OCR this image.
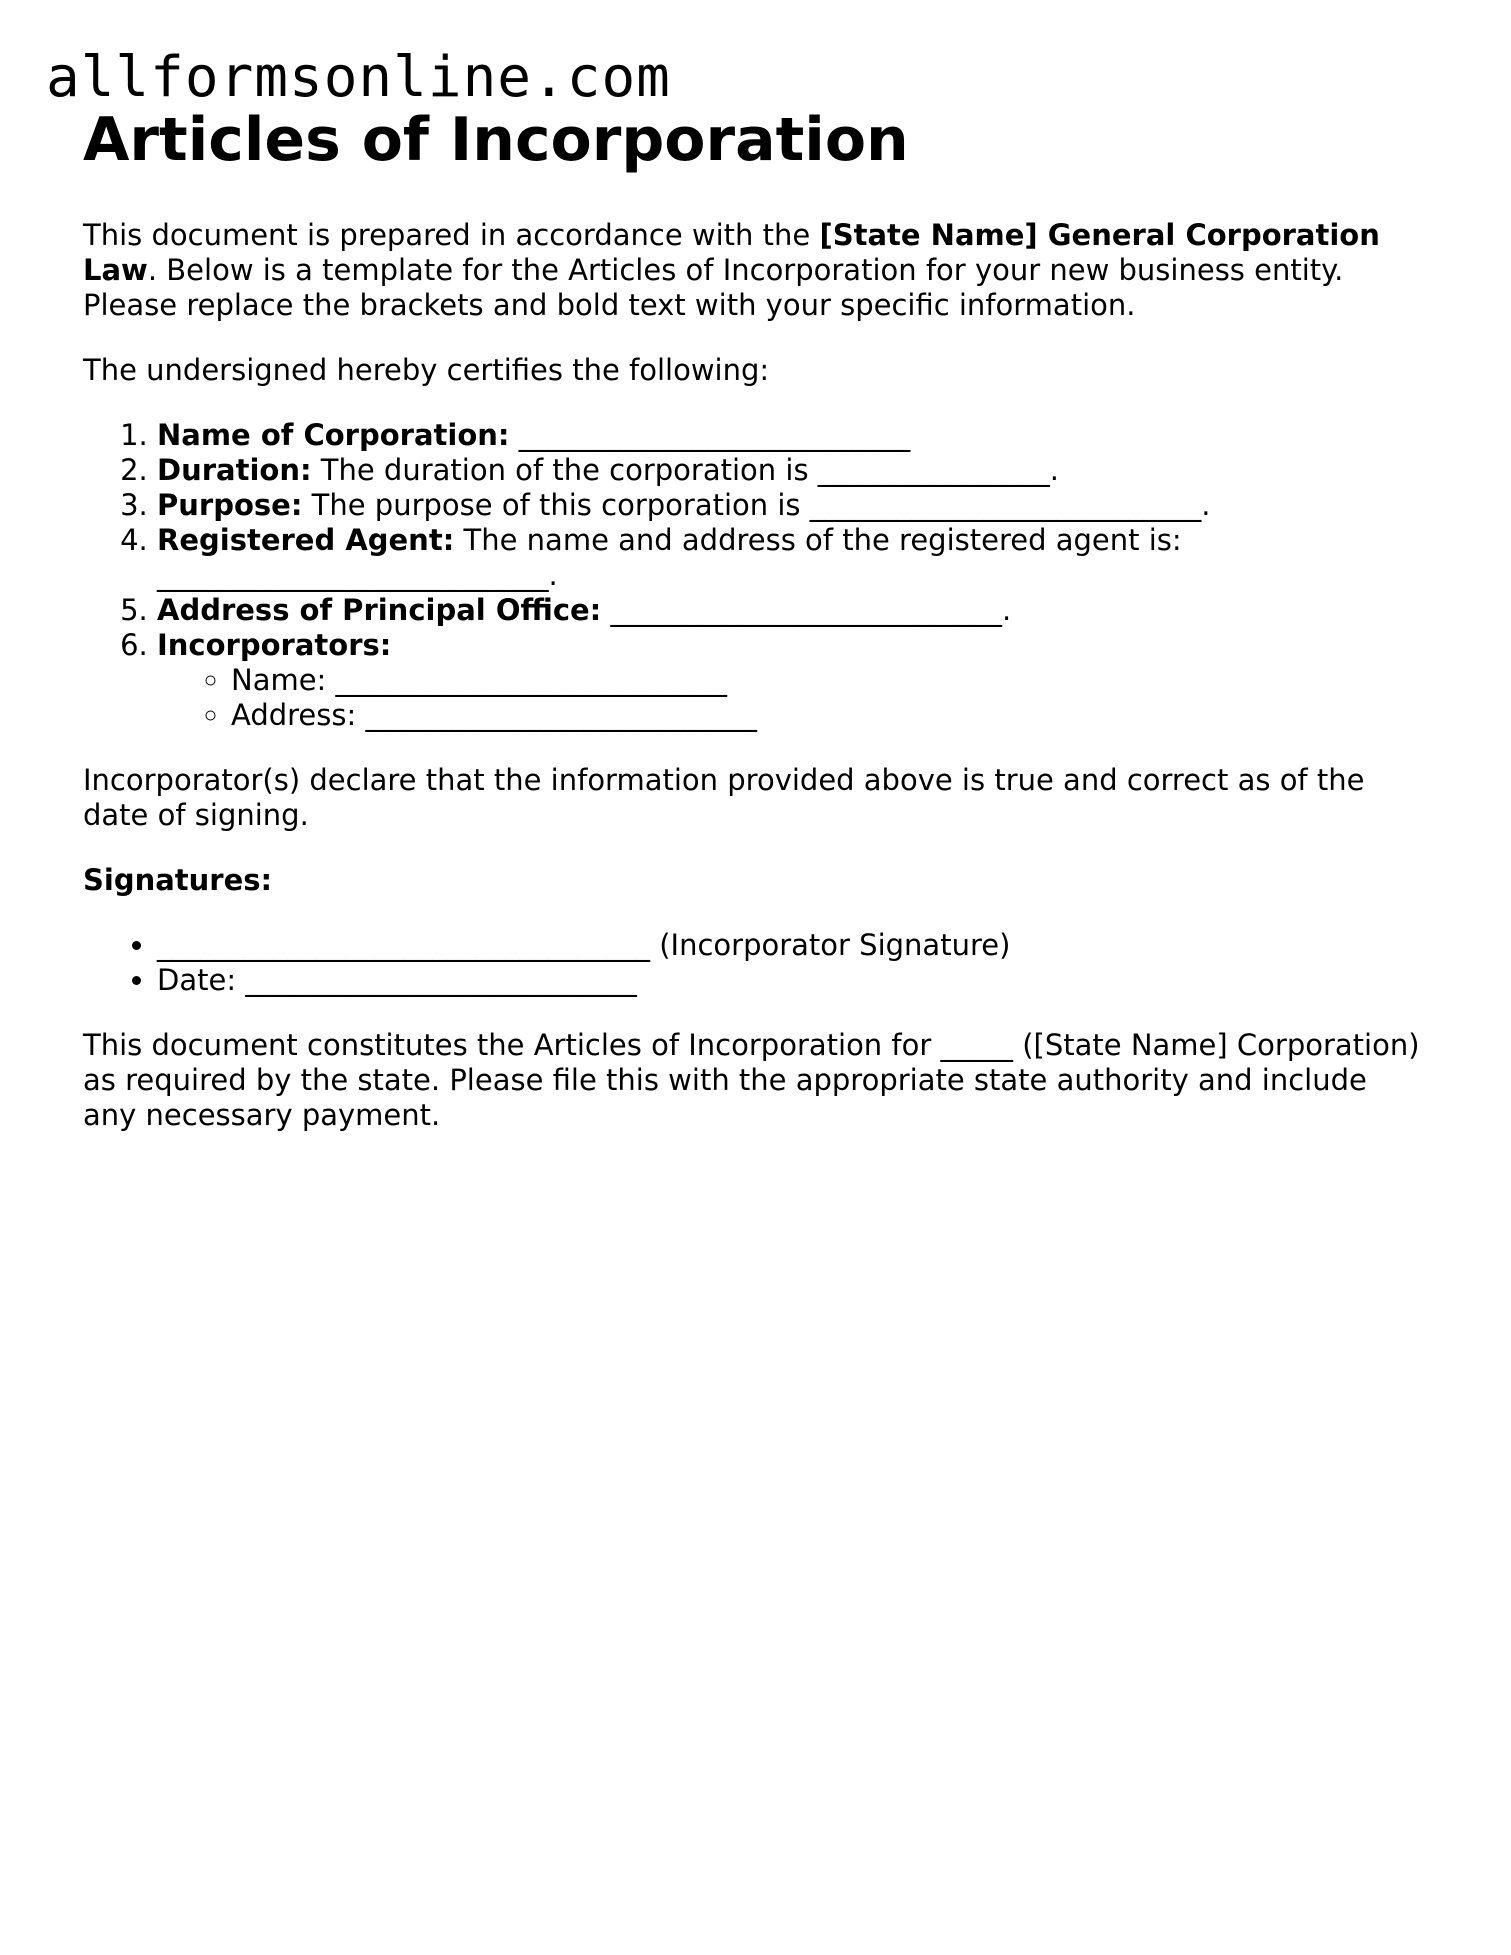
allformsonline.com
Articles of Incorporation

This document is prepared in accordance with the [State Name] General Corporation Law. Below is a template for the Articles of Incorporation for your new business entity. Please replace the brackets and bold text with your specific information.

The undersigned hereby certifies the following:

1. Name of Corporation: ___________________________
2. Duration: The duration of the corporation is ________________.
3. Purpose: The purpose of this corporation is ___________________________.
4. Registered Agent: The name and address of the registered agent is: ___________________________.
5. Address of Principal Office: ___________________________.
6. Incorporators:
◦ Name: ___________________________
◦ Address: ___________________________

Incorporator(s) declare that the information provided above is true and correct as of the date of signing.

Signatures:

• __________________________________ (Incorporator Signature)
• Date: ___________________________

This document constitutes the Articles of Incorporation for _____ ([State Name] Corporation) as required by the state. Please file this with the appropriate state authority and include any necessary payment.
